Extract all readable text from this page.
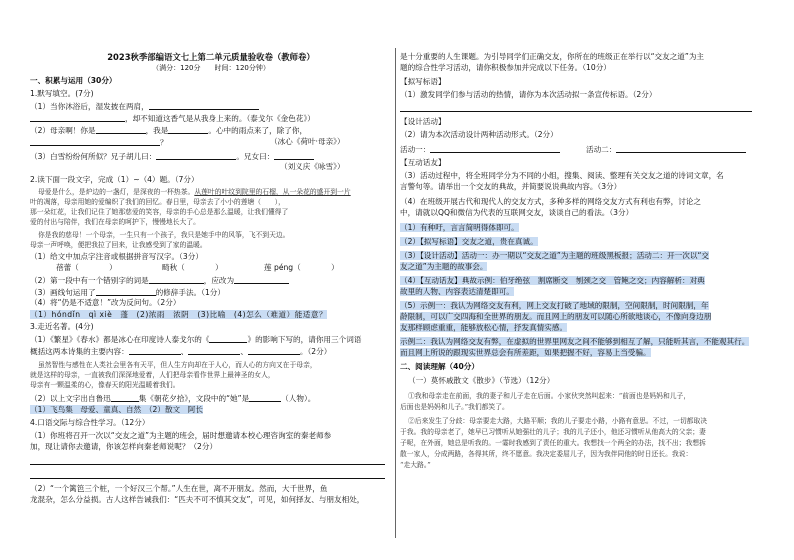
2023秋季部编语文七上第二单元质量验收卷（教师卷）
（满分：120分　　时间：120分钟）
一、积累与运用（30分）
1.默写填空。(7分)
（1）当你沐浴后，湿发披在两肩，
，却不知道这香气是从我身上来的。（泰戈尔《金色花》）
（2）母亲啊！你是	，我是	。心中的雨点来了，除了你，
？	（冰心《荷叶·母亲》）
（3）白雪纷纷何所似？兄子胡儿曰：	。兄女曰：
（刘义庆《咏雪》）
2.读下面一段文字，完成（1）~（4）题。（7分）
母爱是什么，是炉边的一盏灯，是深夜的一杯热茶。从莲叶的叶纹到院里的石榴，从一朵花的盛开到一片
叶的凋落，母亲用她的爱编织了我们的回忆。春日里，母亲去了小小的莲塘（　　），
那一朵红花，让我们记住了她那慈爱的笑容，母亲的手心总是那么温暖，让我们懂得了
爱的付出与陪伴，我们在母亲的呵护下，慢慢地长大了。
你是我的慈母！一个母亲，一生只有一个孩子，我只是她手中的风筝，飞不到天边。
母亲一声呼唤，便把我拉了回来，让我感受到了家的温暖。
（1）给文中加点字注音或根据拼音写汉字。（3分）
蓓蕾（　　　　）	畸秋（　　　　）	莲 péng（　　　　）
（2）第一段中有一个错别字的词是	，应改为
（3）画线句运用了	的修辞手法。（1分）
（4）将“仍是不适意！”改为反问句。（2分）
（1）hóndǐn　qì xiè　蓬　(2)浓雨　浓阴　(3)比喻　(4)怎么（难道）能适意？
3.走近名著。(4分)
（1）《繁星》《春水》都是冰心在印度诗人泰戈尔的《	》的影响下写的，请你用三个词语
概括这两本诗集的主要内容：	、	、	。（2分）
虽然智性与感性在人类社会里各有天平，但人生方向却在于人心，而人心的方向又在于母亲，
就是这样的母亲，一直被我们深深地爱着，人们把母亲看作世界上最神圣的女人，
母亲有一颗温柔的心，像春天的阳光温暖着我们。
（2）以上文字出自鲁迅	集《朝花夕拾》，文段中的“她”是	（人物）。
（1）飞鸟集　母爱、童真、自然　（2）散文　阿长
4.口语交际与综合性学习。（12分）
（1）你班将召开一次以“交友之道”为主题的班会，届时想邀请本校心理咨询室的秦老师参
加，现让请你去邀请，你该怎样向秦老师说呢？（2分）
（2）“一个篱笆三个桩，一个好汉三个帮。”人生在世，离不开朋友。然而，大千世界，鱼
龙混杂，怎么分益损。古人这样告诫我们：“匹夫不可不慎其交友”，可见，如何择友、与朋友相处，
是十分重要的人生课题。为引导同学们正确交友，你所在的班级正在举行以“交友之道”为主
题的综合性学习活动，请你积极参加并完成以下任务。（10分）
【拟写标语】
（1）激发同学们参与活动的热情，请你为本次活动拟一条宣传标语。（2分）
【设计活动】
（2）请为本次活动设计两种活动形式。（2分）
活动一：	活动二：
【互动话友】
（3）活动过程中，将全班同学分为不同的小组，搜集、阅读、整理有关交友之道的诗词文章，名
言警句等。请举出一个交友的典故，并简要说说典故内容。（3分）
（4）在班级开展古代和现代人的交友方式，多种多样的网络交友方式有利也有弊，讨论之
中，请就以QQ和微信为代表的互联网交友，谈谈自己的看法。（3分）
（1）有种吁，言言简明得体即可。
（2）【拟写标语】交友之道，贵在真诚。
（3）【设计活动】活动一：办一期以“交友之道”为主题的班级黑板报；活动二：开一次以“交
友之道”为主题的故事会。
（4）【互动话友】典故示例：伯牙绝弦　割席断交　刎颈之交　管鲍之交；内容解析：对典
故里的人物、内容表达清楚即可。
（5）示例一：我认为网络交友有利，网上交友打破了地域的限制，空间限制，时间限制，年
龄限制，可以广交四海和全世界的朋友。而且网上的朋友可以随心所欲地谈心，不像向身边朋
友那样顾虑重重，能够放松心情，抒发真情实感。
示例二：我认为网络交友有弊，在虚拟的世界里网友之间不能够到相互了解，只能听其言，不能观其行。
而且网上所说的跟现实世界总会有所差距，如果把握不好，容易上当受骗。
二、阅读理解（40分）
（一）莫怀戚散文《散步》（节选）（12分）
①我和母亲走在前面，我的妻子和儿子走在后面。小家伙突然叫起来：“前面也是妈妈和儿子，
后面也是妈妈和儿子。”我们都笑了。
②后来发生了分歧：母亲要走大路，大路平顺；我的儿子要走小路，小路有意思。不过，一切都取决
于我。我的母亲老了，她早已习惯听从她强壮的儿子；我的儿子还小，他还习惯听从他高大的父亲；妻
子呢，在外面，她总是听我的。一霎时我感到了责任的重大。我想找一个两全的办法，找不出；我想拆
散一家人，分成两路，各得其所，终不愿意。我决定委屈儿子，因为我伴同他的时日还长。我说：
“走大路。”
